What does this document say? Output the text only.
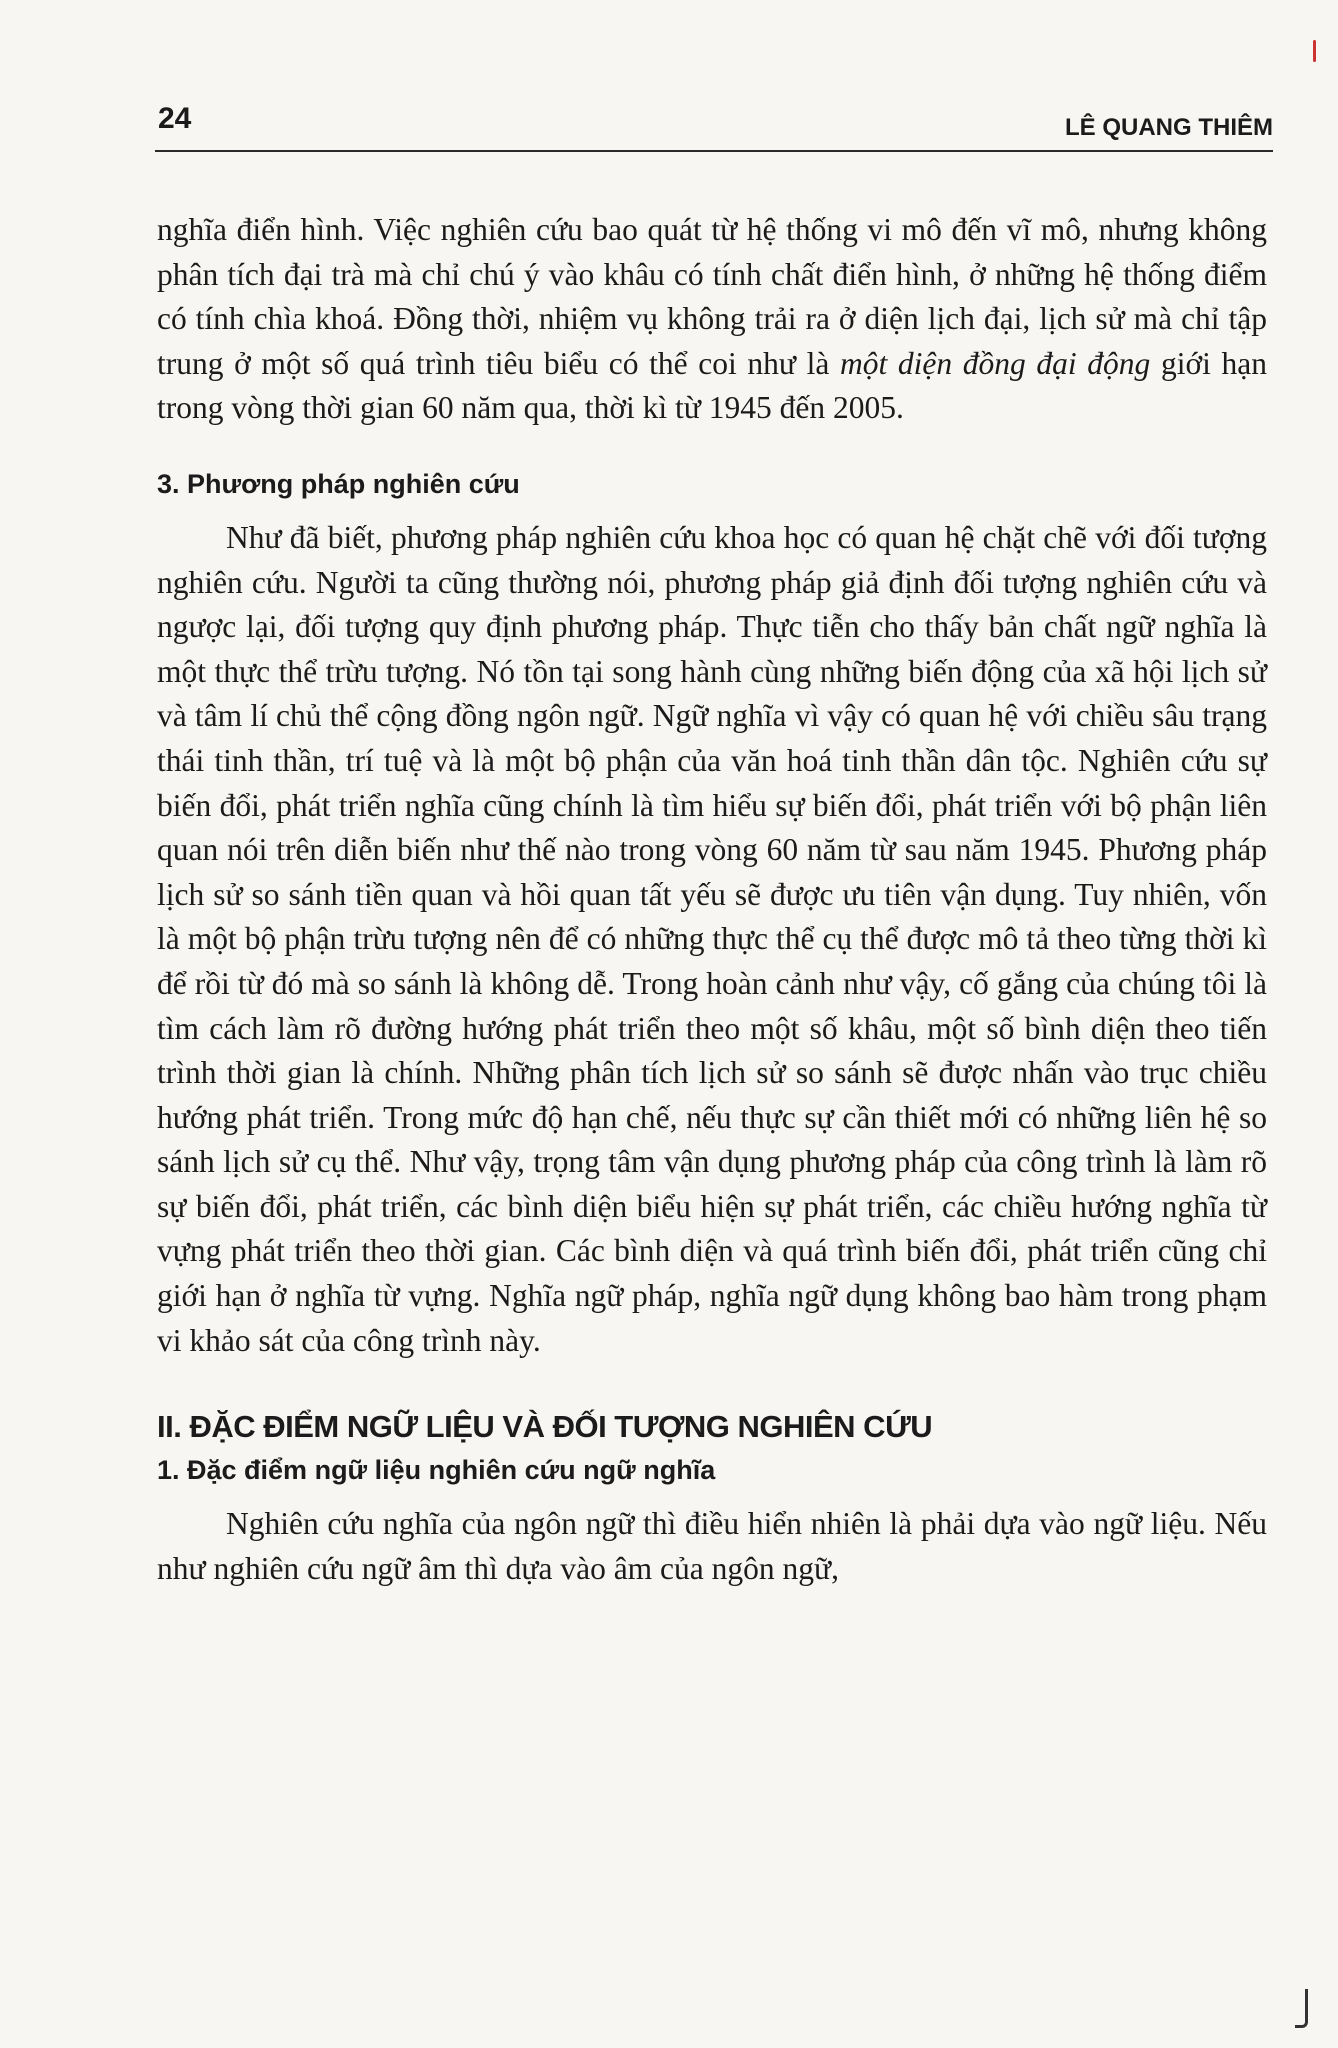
24	LÊ QUANG THIÊM

nghĩa điển hình. Việc nghiên cứu bao quát từ hệ thống vi mô đến vĩ mô, nhưng không phân tích đại trà mà chỉ chú ý vào khâu có tính chất điển hình, ở những hệ thống điểm có tính chìa khoá. Đồng thời, nhiệm vụ không trải ra ở diện lịch đại, lịch sử mà chỉ tập trung ở một số quá trình tiêu biểu có thể coi như là một diện đồng đại động giới hạn trong vòng thời gian 60 năm qua, thời kì từ 1945 đến 2005.

3. Phương pháp nghiên cứu

Như đã biết, phương pháp nghiên cứu khoa học có quan hệ chặt chẽ với đối tượng nghiên cứu. Người ta cũng thường nói, phương pháp giả định đối tượng nghiên cứu và ngược lại, đối tượng quy định phương pháp. Thực tiễn cho thấy bản chất ngữ nghĩa là một thực thể trừu tượng. Nó tồn tại song hành cùng những biến động của xã hội lịch sử và tâm lí chủ thể cộng đồng ngôn ngữ. Ngữ nghĩa vì vậy có quan hệ với chiều sâu trạng thái tinh thần, trí tuệ và là một bộ phận của văn hoá tinh thần dân tộc. Nghiên cứu sự biến đổi, phát triển nghĩa cũng chính là tìm hiểu sự biến đổi, phát triển với bộ phận liên quan nói trên diễn biến như thế nào trong vòng 60 năm từ sau năm 1945. Phương pháp lịch sử so sánh tiền quan và hồi quan tất yếu sẽ được ưu tiên vận dụng. Tuy nhiên, vốn là một bộ phận trừu tượng nên để có những thực thể cụ thể được mô tả theo từng thời kì để rồi từ đó mà so sánh là không dễ. Trong hoàn cảnh như vậy, cố gắng của chúng tôi là tìm cách làm rõ đường hướng phát triển theo một số khâu, một số bình diện theo tiến trình thời gian là chính. Những phân tích lịch sử so sánh sẽ được nhấn vào trục chiều hướng phát triển. Trong mức độ hạn chế, nếu thực sự cần thiết mới có những liên hệ so sánh lịch sử cụ thể. Như vậy, trọng tâm vận dụng phương pháp của công trình là làm rõ sự biến đổi, phát triển, các bình diện biểu hiện sự phát triển, các chiều hướng nghĩa từ vựng phát triển theo thời gian. Các bình diện và quá trình biến đổi, phát triển cũng chỉ giới hạn ở nghĩa từ vựng. Nghĩa ngữ pháp, nghĩa ngữ dụng không bao hàm trong phạm vi khảo sát của công trình này.

II. ĐẶC ĐIỂM NGỮ LIỆU VÀ ĐỐI TƯỢNG NGHIÊN CỨU
1. Đặc điểm ngữ liệu nghiên cứu ngữ nghĩa

Nghiên cứu nghĩa của ngôn ngữ thì điều hiển nhiên là phải dựa vào ngữ liệu. Nếu như nghiên cứu ngữ âm thì dựa vào âm của ngôn ngữ,
